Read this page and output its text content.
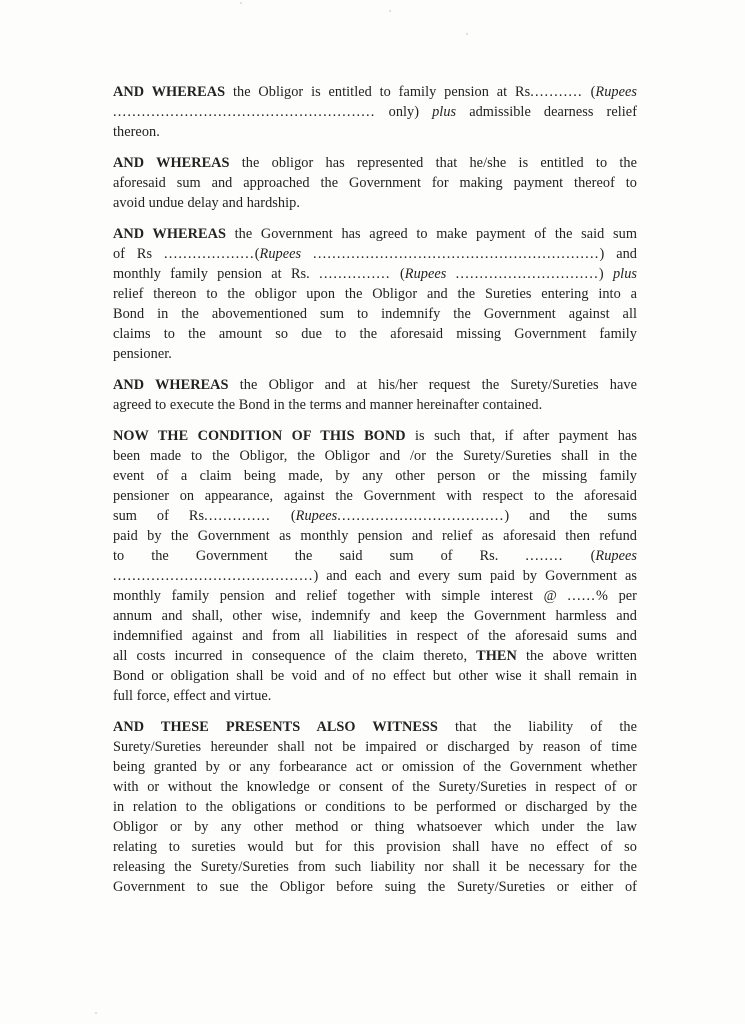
AND WHEREAS the Obligor is entitled to family pension at Rs........... (Rupees
....................................................... only) plus admissible dearness relief
thereon.
AND WHEREAS the obligor has represented that he/she is entitled to the
aforesaid sum and approached the Government for making payment thereof to
avoid undue delay and hardship.
AND WHEREAS the Government has agreed to make payment of the said sum
of Rs ...................(Rupees ............................................................) and
monthly family pension at Rs. ............... (Rupees ..............................) plus
relief thereon to the obligor upon the Obligor and the Sureties entering into a
Bond in the abovementioned sum to indemnify the Government against all
claims to the amount so due to the aforesaid missing Government family
pensioner.
AND WHEREAS the Obligor and at his/her request the Surety/Sureties have
agreed to execute the Bond in the terms and manner hereinafter contained.
NOW THE CONDITION OF THIS BOND is such that, if after payment has
been made to the Obligor, the Obligor and /or the Surety/Sureties shall in the
event of a claim being made, by any other person or the missing family
pensioner on appearance, against the Government with respect to the aforesaid
sum of Rs.............. (Rupees...................................) and the sums
paid by the Government as monthly pension and relief as aforesaid then refund
to the Government the said sum of Rs. ........ (Rupees
..........................................) and each and every sum paid by Government as
monthly family pension and relief together with simple interest @ ......% per
annum and shall, other wise, indemnify and keep the Government harmless and
indemnified against and from all liabilities in respect of the aforesaid sums and
all costs incurred in consequence of the claim thereto, THEN the above written
Bond or obligation shall be void and of no effect but other wise it shall remain in
full force, effect and virtue.
AND THESE PRESENTS ALSO WITNESS that the liability of the
Surety/Sureties hereunder shall not be impaired or discharged by reason of time
being granted by or any forbearance act or omission of the Government whether
with or without the knowledge or consent of the Surety/Sureties in respect of or
in relation to the obligations or conditions to be performed or discharged by the
Obligor or by any other method or thing whatsoever which under the law
relating to sureties would but for this provision shall have no effect of so
releasing the Surety/Sureties from such liability nor shall it be necessary for the
Government to sue the Obligor before suing the Surety/Sureties or either of
